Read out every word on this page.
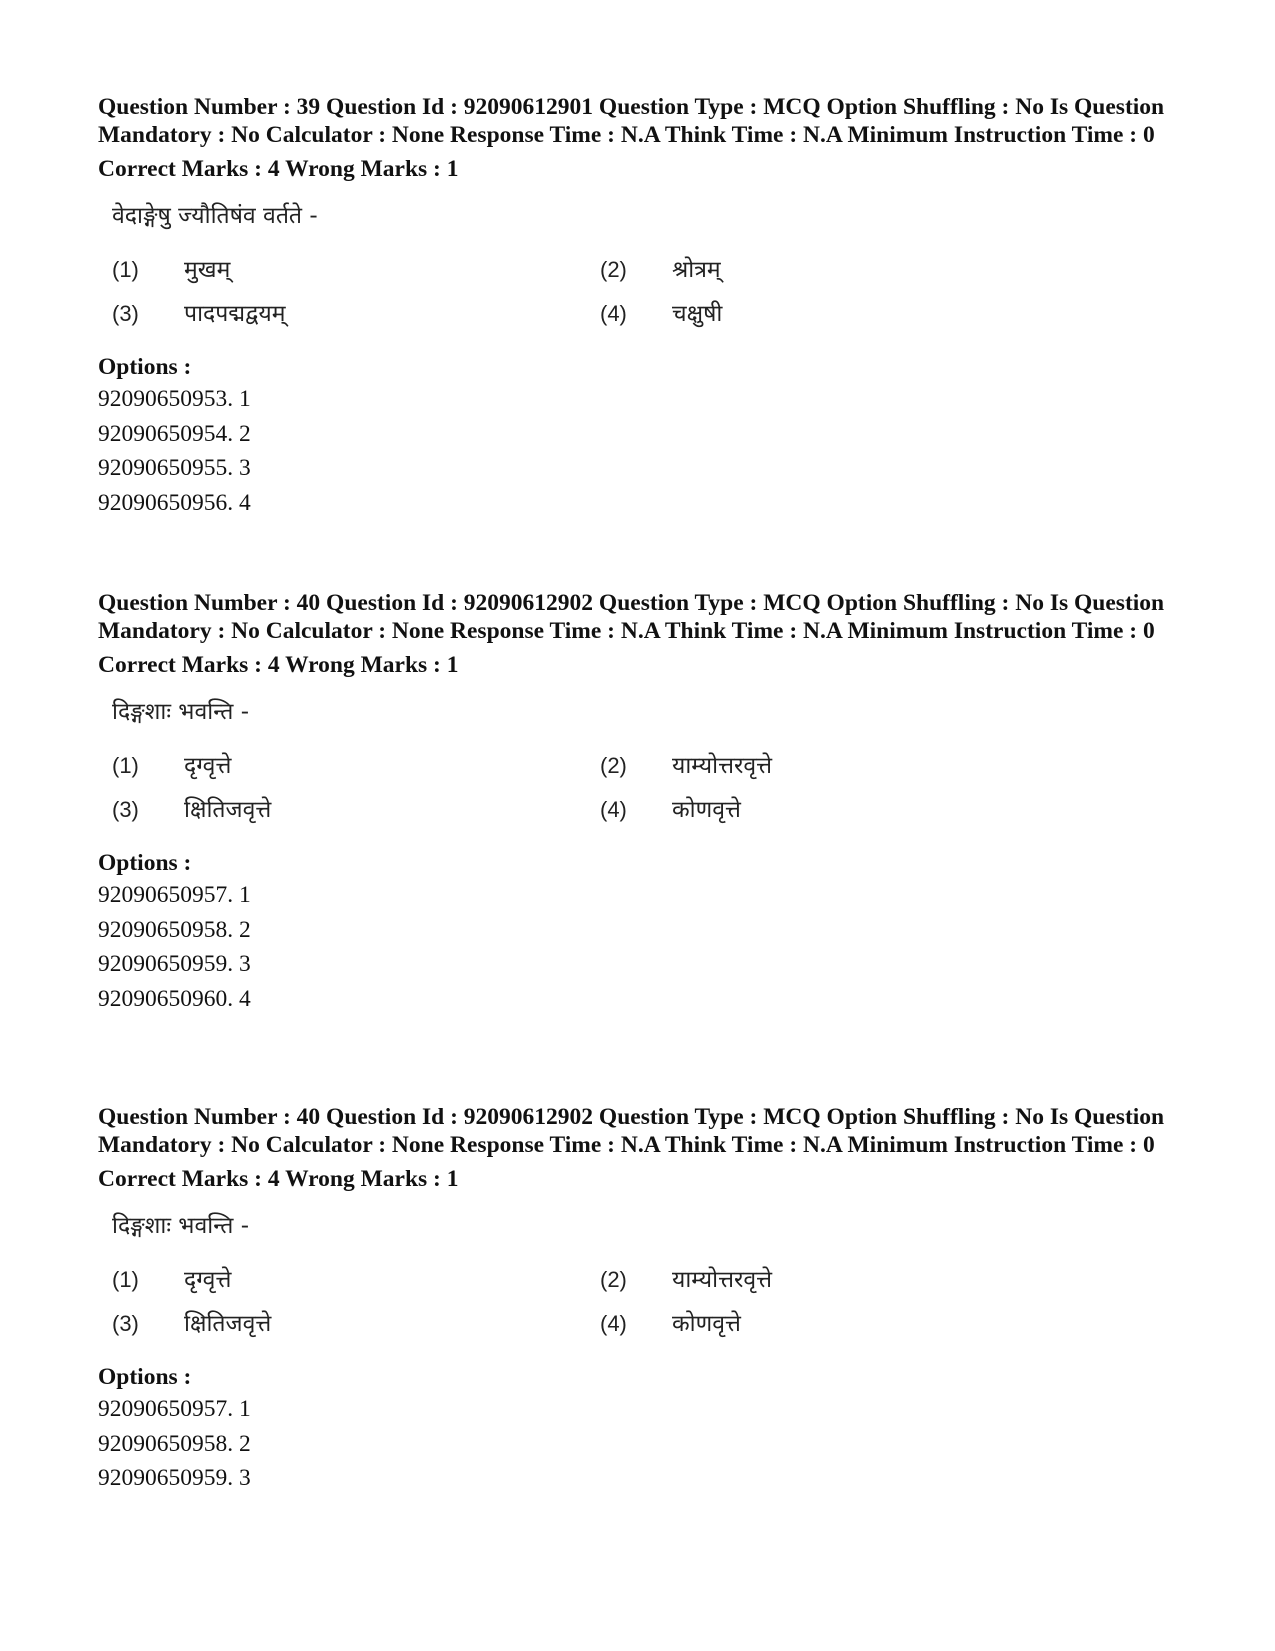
Question Number : 39 Question Id : 92090612901 Question Type : MCQ Option Shuffling : No Is Question Mandatory : No Calculator : None Response Time : N.A Think Time : N.A Minimum Instruction Time : 0

Correct Marks : 4 Wrong Marks : 1
वेदाङ्गेषु ज्यौतिषंव वर्तते -
(1) मुखम्	(2) श्रोत्रम्
(3) पादपद्मद्वयम्	(4) चक्षुषी
Options :
92090650953. 1
92090650954. 2
92090650955. 3
92090650956. 4

Question Number : 40 Question Id : 92090612902 Question Type : MCQ Option Shuffling : No Is Question Mandatory : No Calculator : None Response Time : N.A Think Time : N.A Minimum Instruction Time : 0

Correct Marks : 4 Wrong Marks : 1
दिङ्गशाः भवन्ति -
(1) दृग्वृत्ते	(2) याम्योत्तरवृत्ते
(3) क्षितिजवृत्ते	(4) कोणवृत्ते
Options :
92090650957. 1
92090650958. 2
92090650959. 3
92090650960. 4

Question Number : 40 Question Id : 92090612902 Question Type : MCQ Option Shuffling : No Is Question Mandatory : No Calculator : None Response Time : N.A Think Time : N.A Minimum Instruction Time : 0

Correct Marks : 4 Wrong Marks : 1
दिङ्गशाः भवन्ति -
(1) दृग्वृत्ते	(2) याम्योत्तरवृत्ते
(3) क्षितिजवृत्ते	(4) कोणवृत्ते
Options :
92090650957. 1
92090650958. 2
92090650959. 3
